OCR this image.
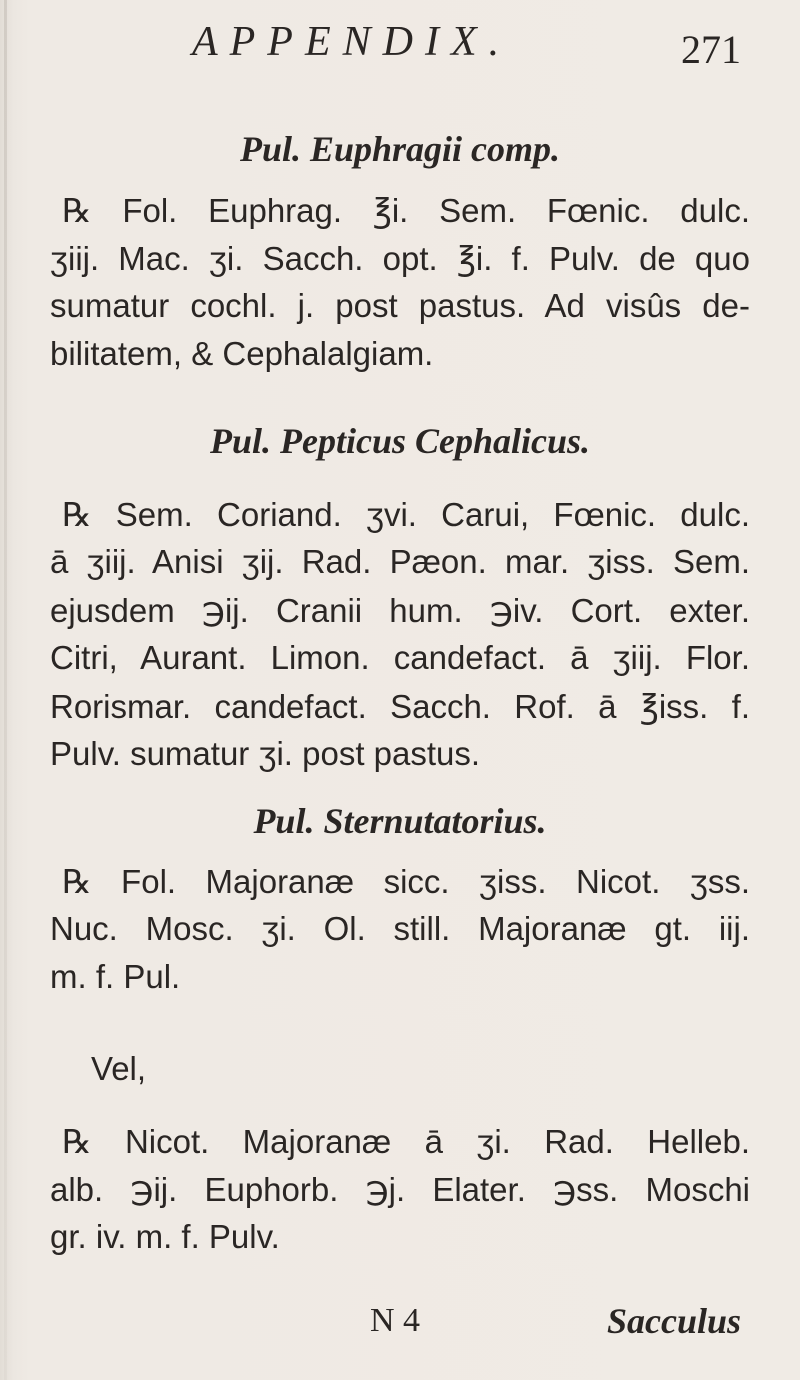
APPENDIX.	271
Pul. Euphragii comp.
℞ Fol. Euphrag. ℥i. Sem. Fœnic. dulc.
ʒiij. Mac. ʒi. Sacch. opt. ℥i. f. Pulv. de quo
sumatur cochl. j. post pastus. Ad visûs de-
bilitatem, & Cephalalgiam.
Pul. Pepticus Cephalicus.
℞ Sem. Coriand. ʒvi. Carui, Fœnic. dulc.
ā ʒiij. Anisi ʒij. Rad. Pæon. mar. ʒiss. Sem.
ejusdem ℈ij. Cranii hum. ℈iv. Cort. exter.
Citri, Aurant. Limon. candefact. ā ʒiij. Flor.
Rorismar. candefact. Sacch. Rof. ā ℥iss. f.
Pulv. sumatur ʒi. post pastus.
Pul. Sternutatorius.
℞ Fol. Majoranæ sicc. ʒiss. Nicot. ʒss.
Nuc. Mosc. ʒi. Ol. still. Majoranæ gt. iij.
m. f. Pul.
Vel,
℞ Nicot. Majoranæ ā ʒi. Rad. Helleb.
alb. ℈ij. Euphorb. ℈j. Elater. ℈ss. Moschi
gr. iv. m. f. Pulv.
N 4	Sacculus
